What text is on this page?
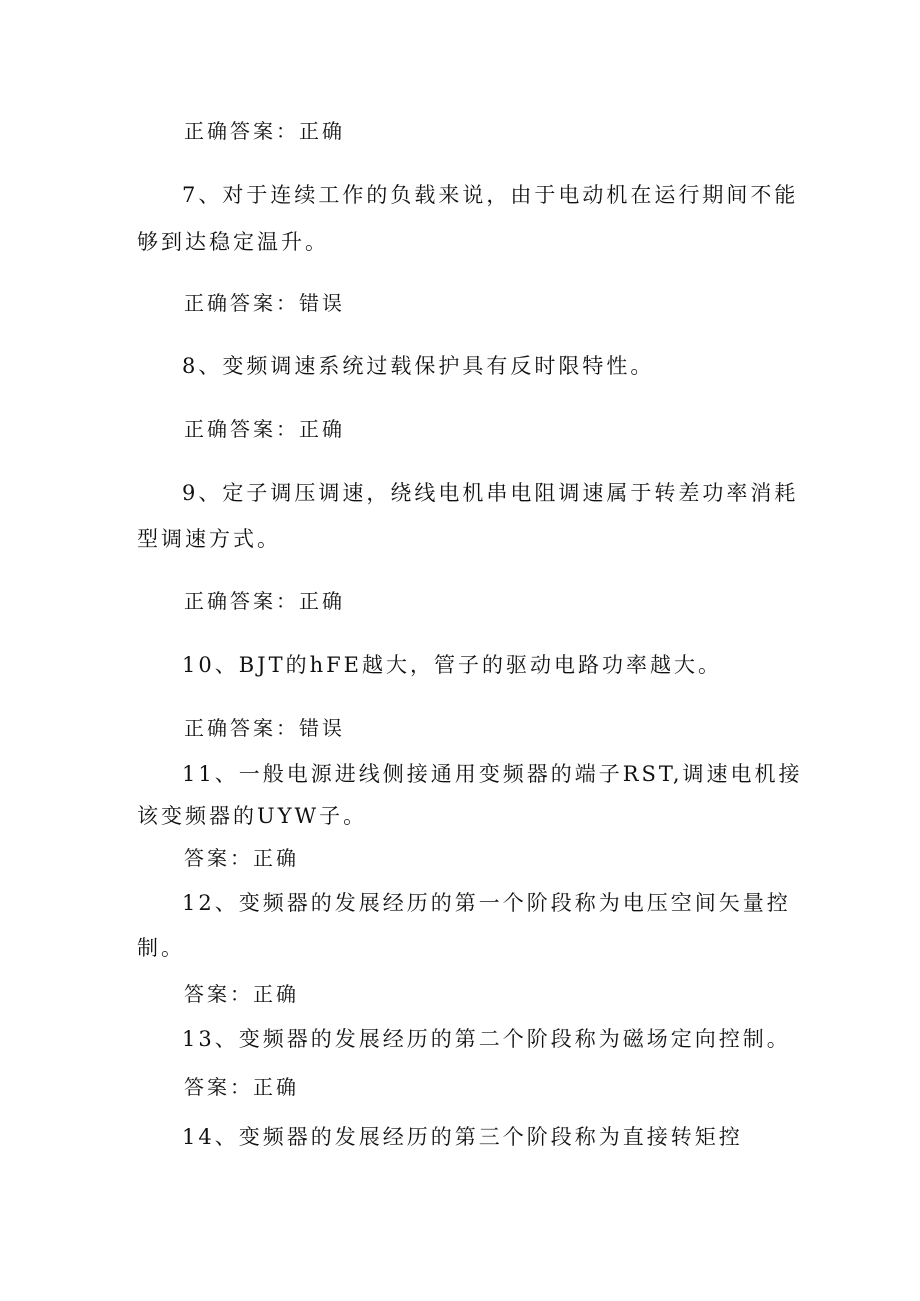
正确答案：正确
7、对于连续工作的负载来说，由于电动机在运行期间不能
够到达稳定温升。
正确答案：错误
8、变频调速系统过载保护具有反时限特性。
正确答案：正确
9、定子调压调速，绕线电机串电阻调速属于转差功率消耗
型调速方式。
正确答案：正确
10、BJT的hFE越大，管子的驱动电路功率越大。
正确答案：错误
11、一般电源进线侧接通用变频器的端子RST,调速电机接
该变频器的UYW子。
答案：正确
12、变频器的发展经历的第一个阶段称为电压空间矢量控
制。
答案：正确
13、变频器的发展经历的第二个阶段称为磁场定向控制。
答案：正确
14、变频器的发展经历的第三个阶段称为直接转矩控
